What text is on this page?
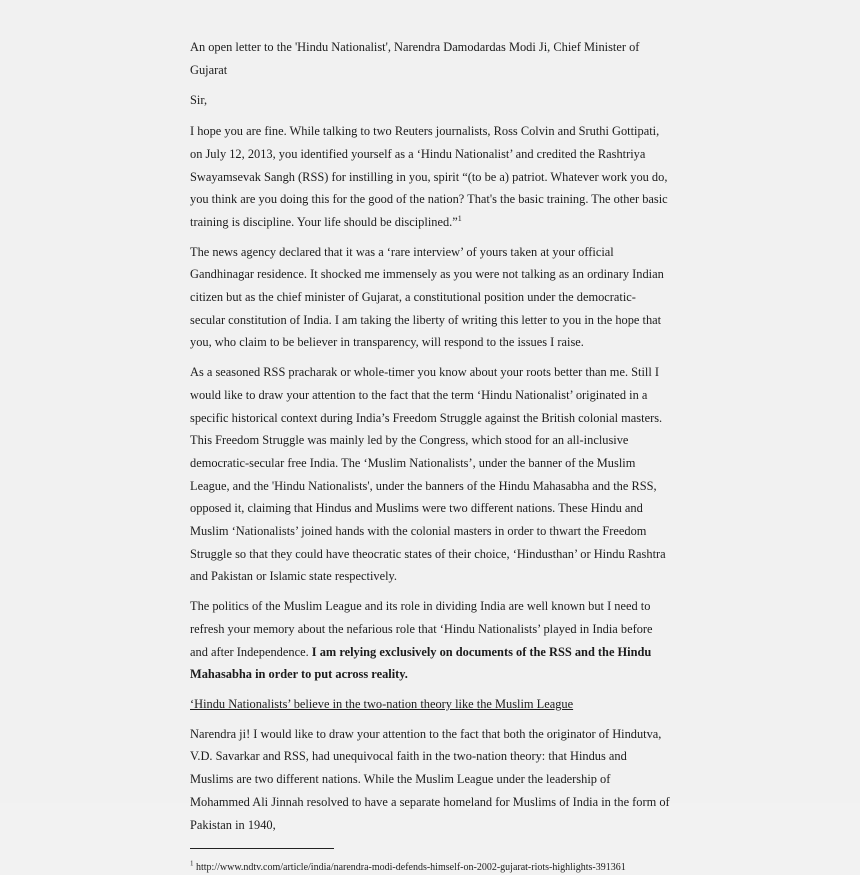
An open letter to the 'Hindu Nationalist', Narendra Damodardas Modi Ji, Chief Minister of Gujarat
Sir,

I hope you are fine. While talking to two Reuters journalists, Ross Colvin and Sruthi Gottipati, on July 12, 2013, you identified yourself as a ‘Hindu Nationalist’ and credited the Rashtriya Swayamsevak Sangh (RSS) for instilling in you, spirit “(to be a) patriot. Whatever work you do, you think are you doing this for the good of the nation? That's the basic training. The other basic training is discipline. Your life should be disciplined.”$^1$

The news agency declared that it was a ‘rare interview’ of yours taken at your official Gandhinagar residence. It shocked me immensely as you were not talking as an ordinary Indian citizen but as the chief minister of Gujarat, a constitutional position under the democratic-secular constitution of India. I am taking the liberty of writing this letter to you in the hope that you, who claim to be believer in transparency, will respond to the issues I raise.

As a seasoned RSS pracharak or whole-timer you know about your roots better than me. Still I would like to draw your attention to the fact that the term ‘Hindu Nationalist’ originated in a specific historical context during India’s Freedom Struggle against the British colonial masters. This Freedom Struggle was mainly led by the Congress, which stood for an all-inclusive democratic-secular free India. The ‘Muslim Nationalists’, under the banner of the Muslim League, and the 'Hindu Nationalists', under the banners of the Hindu Mahasabha and the RSS, opposed it, claiming that Hindus and Muslims were two different nations. These Hindu and Muslim ‘Nationalists’ joined hands with the colonial masters in order to thwart the Freedom Struggle so that they could have theocratic states of their choice, ‘Hindusthan’ or Hindu Rashtra and Pakistan or Islamic state respectively.

The politics of the Muslim League and its role in dividing India are well known but I need to refresh your memory about the nefarious role that ‘Hindu Nationalists’ played in India before and after Independence. I am relying exclusively on documents of the RSS and the Hindu Mahasabha in order to put across reality.

‘Hindu Nationalists’ believe in the two-nation theory like the Muslim League

Narendra ji! I would like to draw your attention to the fact that both the originator of Hindutva, V.D. Savarkar and RSS, had unequivocal faith in the two-nation theory: that Hindus and Muslims are two different nations. While the Muslim League under the leadership of Mohammed Ali Jinnah resolved to have a separate homeland for Muslims of India in the form of Pakistan in 1940,

$^1$ http://www.ndtv.com/article/india/narendra-modi-defends-himself-on-2002-gujarat-riots-highlights-391361
